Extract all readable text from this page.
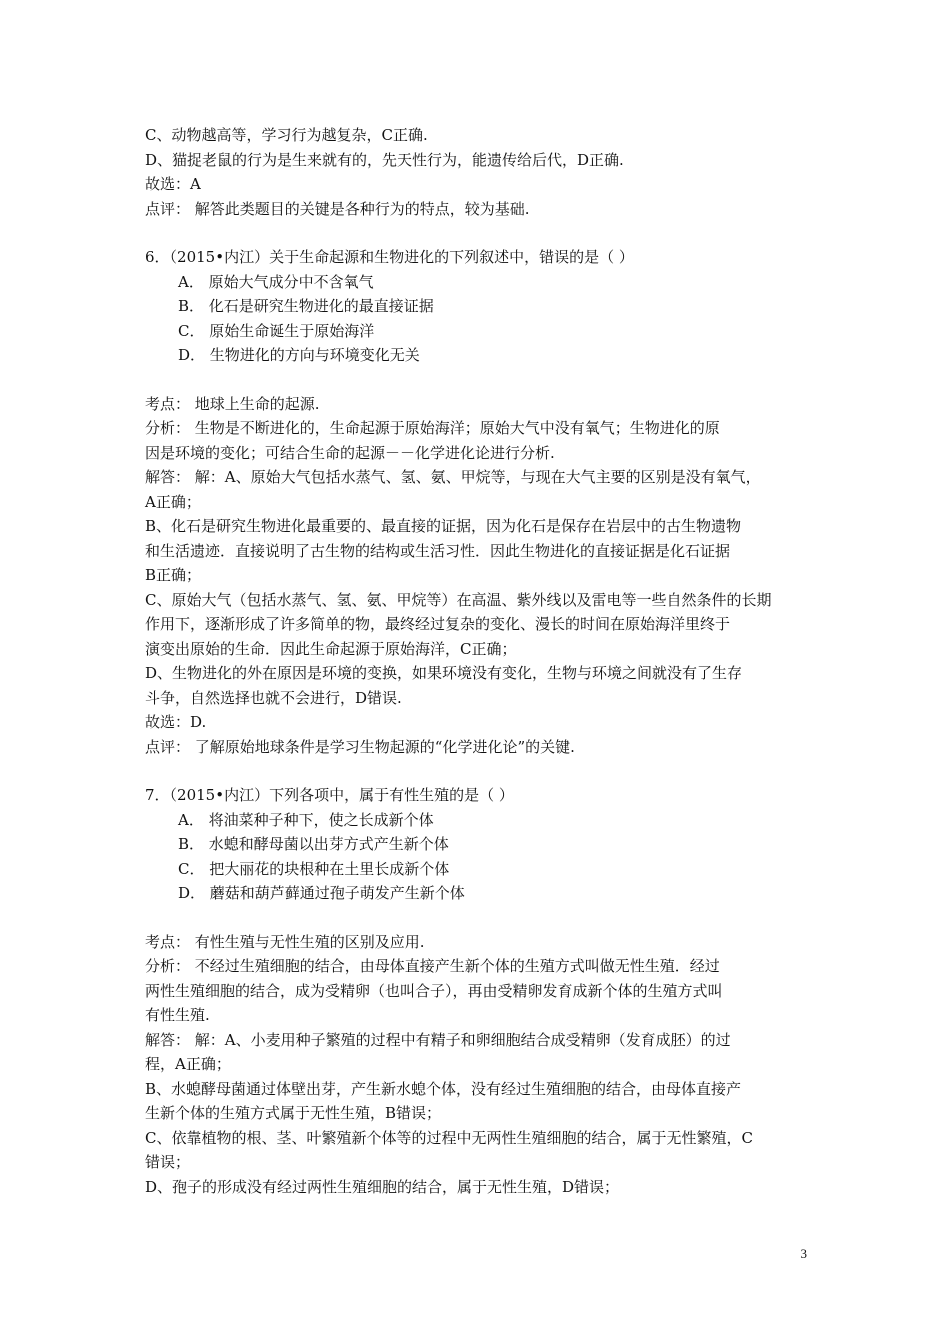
C、动物越高等，学习行为越复杂，C正确.
D、猫捉老鼠的行为是生来就有的，先天性行为，能遗传给后代，D正确.
故选：A
点评： 解答此类题目的关键是各种行为的特点，较为基础.
6．（2015•内江）关于生命起源和生物进化的下列叙述中，错误的是（ ）
A． 原始大气成分中不含氧气
B． 化石是研究生物进化的最直接证据
C． 原始生命诞生于原始海洋
D． 生物进化的方向与环境变化无关
考点： 地球上生命的起源.
分析： 生物是不断进化的，生命起源于原始海洋；原始大气中没有氧气；生物进化的原
因是环境的变化；可结合生命的起源－－化学进化论进行分析.
解答： 解：A、原始大气包括水蒸气、氢、氨、甲烷等，与现在大气主要的区别是没有氧气，
A正确；
B、化石是研究生物进化最重要的、最直接的证据，因为化石是保存在岩层中的古生物遗物
和生活遗迹．直接说明了古生物的结构或生活习性．因此生物进化的直接证据是化石证据
B正确；
C、原始大气（包括水蒸气、氢、氨、甲烷等）在高温、紫外线以及雷电等一些自然条件的长期
作用下，逐渐形成了许多简单的物，最终经过复杂的变化、漫长的时间在原始海洋里终于
演变出原始的生命．因此生命起源于原始海洋，C正确；
D、生物进化的外在原因是环境的变换，如果环境没有变化，生物与环境之间就没有了生存
斗争，自然选择也就不会进行，D错误.
故选：D.
点评： 了解原始地球条件是学习生物起源的“化学进化论”的关键.
7．（2015•内江）下列各项中，属于有性生殖的是（ ）
A． 将油菜种子种下，使之长成新个体
B． 水螅和酵母菌以出芽方式产生新个体
C． 把大丽花的块根种在土里长成新个体
D． 蘑菇和葫芦藓通过孢子萌发产生新个体
考点： 有性生殖与无性生殖的区别及应用.
分析： 不经过生殖细胞的结合，由母体直接产生新个体的生殖方式叫做无性生殖．经过
两性生殖细胞的结合，成为受精卵（也叫合子），再由受精卵发育成新个体的生殖方式叫
有性生殖.
解答： 解：A、小麦用种子繁殖的过程中有精子和卵细胞结合成受精卵（发育成胚）的过
程，A正确；
B、水螅酵母菌通过体壁出芽，产生新水螅个体，没有经过生殖细胞的结合，由母体直接产
生新个体的生殖方式属于无性生殖，B错误；
C、依靠植物的根、茎、叶繁殖新个体等的过程中无两性生殖细胞的结合，属于无性繁殖，C
错误；
D、孢子的形成没有经过两性生殖细胞的结合，属于无性生殖，D错误；
3
